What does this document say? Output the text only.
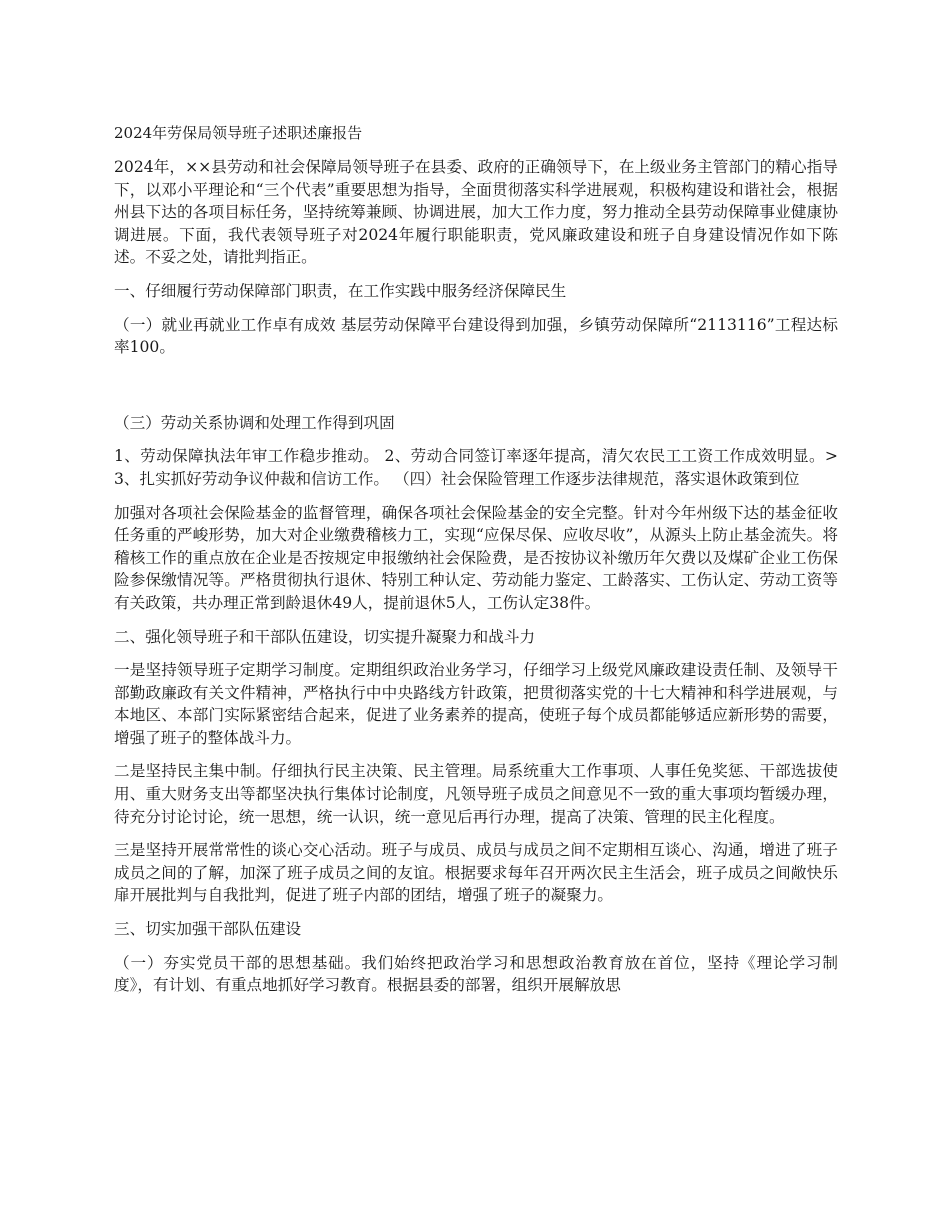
2024年劳保局领导班子述职述廉报告

2024年，××县劳动和社会保障局领导班子在县委、政府的正确领导下，在上级业务主管部门的精心指导下，以邓小平理论和“三个代表”重要思想为指导，全面贯彻落实科学进展观，积极构建设和谐社会，根据州县下达的各项目标任务，坚持统筹兼顾、协调进展，加大工作力度，努力推动全县劳动保障事业健康协调进展。下面，我代表领导班子对2024年履行职能职责，党风廉政建设和班子自身建设情况作如下陈述。不妥之处，请批判指正。

一、仔细履行劳动保障部门职责，在工作实践中服务经济保障民生

（一）就业再就业工作卓有成效 基层劳动保障平台建设得到加强，乡镇劳动保障所“2113116”工程达标率100。

（三）劳动关系协调和处理工作得到巩固

1、劳动保障执法年审工作稳步推动。 2、劳动合同签订率逐年提高，清欠农民工工资工作成效明显。>3、扎实抓好劳动争议仲裁和信访工作。 （四）社会保险管理工作逐步法律规范，落实退休政策到位

加强对各项社会保险基金的监督管理，确保各项社会保险基金的安全完整。针对今年州级下达的基金征收任务重的严峻形势，加大对企业缴费稽核力工，实现“应保尽保、应收尽收”，从源头上防止基金流失。将稽核工作的重点放在企业是否按规定申报缴纳社会保险费，是否按协议补缴历年欠费以及煤矿企业工伤保险参保缴情况等。严格贯彻执行退休、特别工种认定、劳动能力鉴定、工龄落实、工伤认定、劳动工资等有关政策，共办理正常到龄退休49人，提前退休5人，工伤认定38件。

二、强化领导班子和干部队伍建设，切实提升凝聚力和战斗力

一是坚持领导班子定期学习制度。定期组织政治业务学习，仔细学习上级党风廉政建设责任制、及领导干部勤政廉政有关文件精神，严格执行中中央路线方针政策，把贯彻落实党的十七大精神和科学进展观，与本地区、本部门实际紧密结合起来，促进了业务素养的提高，使班子每个成员都能够适应新形势的需要，增强了班子的整体战斗力。

二是坚持民主集中制。仔细执行民主决策、民主管理。局系统重大工作事项、人事任免奖惩、干部选拔使用、重大财务支出等都坚决执行集体讨论制度，凡领导班子成员之间意见不一致的重大事项均暂缓办理，待充分讨论讨论，统一思想，统一认识，统一意见后再行办理，提高了决策、管理的民主化程度。

三是坚持开展常常性的谈心交心活动。班子与成员、成员与成员之间不定期相互谈心、沟通，增进了班子成员之间的了解，加深了班子成员之间的友谊。根据要求每年召开两次民主生活会，班子成员之间敞快乐扉开展批判与自我批判，促进了班子内部的团结，增强了班子的凝聚力。

三、切实加强干部队伍建设

（一）夯实党员干部的思想基础。我们始终把政治学习和思想政治教育放在首位，坚持《理论学习制度》，有计划、有重点地抓好学习教育。根据县委的部署，组织开展解放思
